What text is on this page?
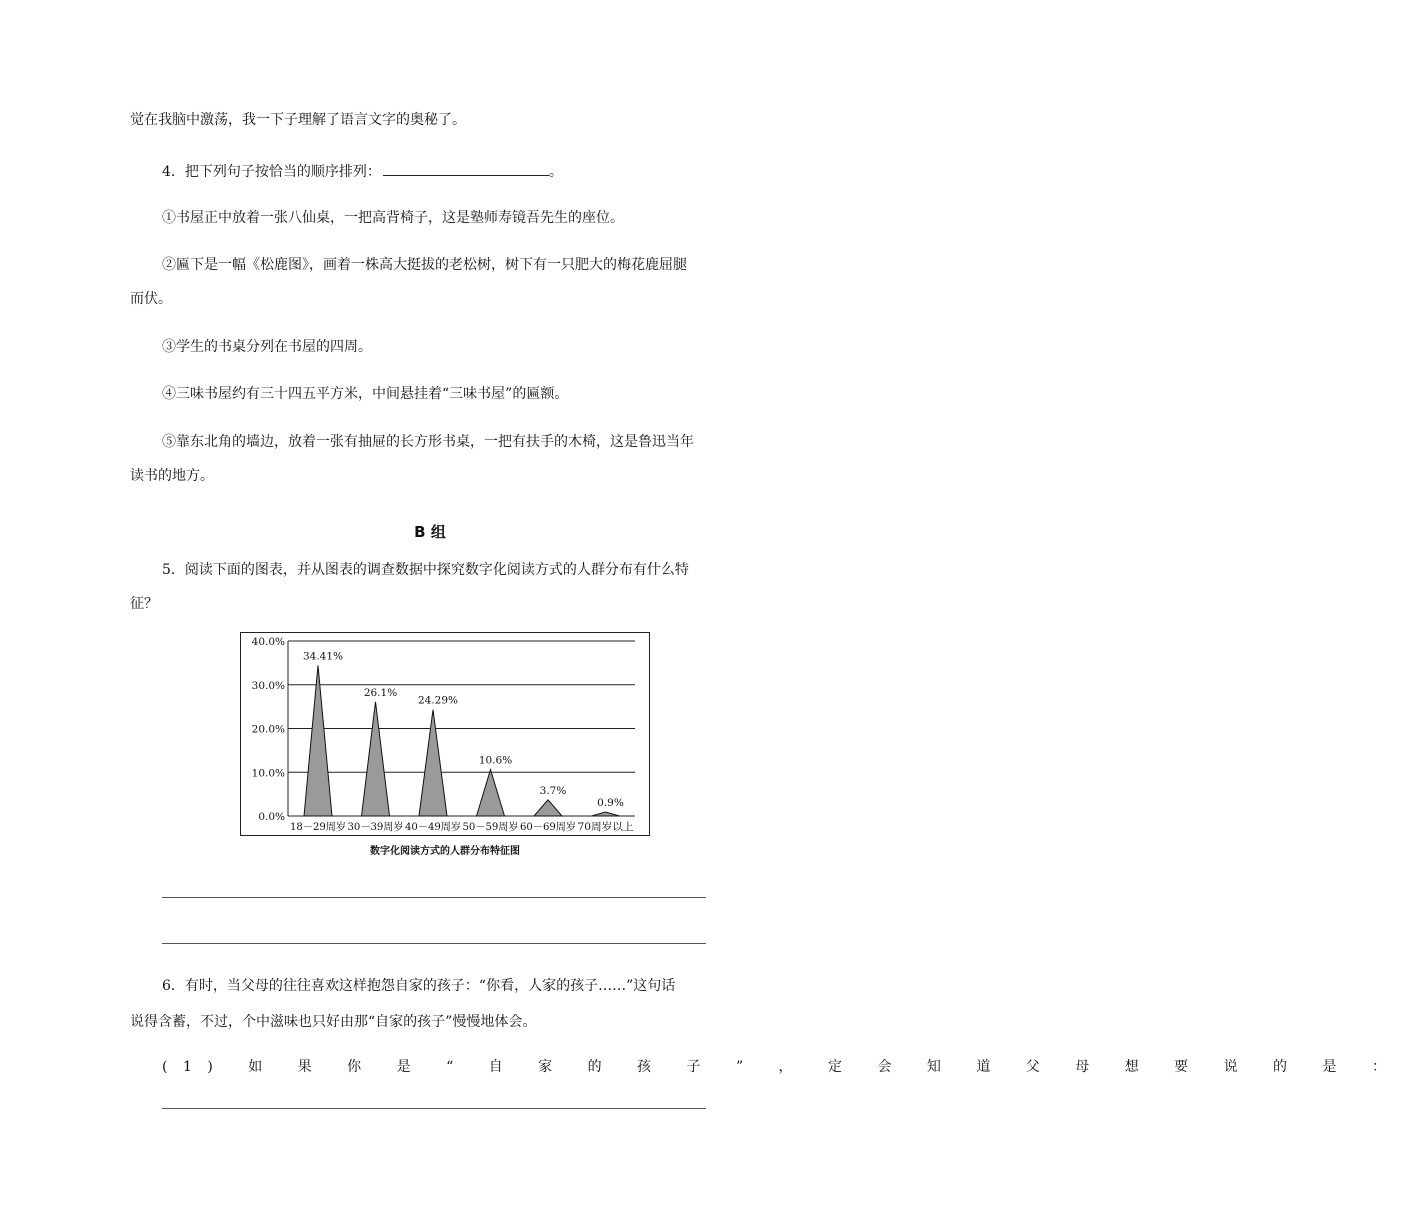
觉在我脑中激荡，我一下子理解了语言文字的奥秘了。
4．把下列句子按恰当的顺序排列：	。
①书屋正中放着一张八仙桌，一把高背椅子，这是塾师寿镜吾先生的座位。
②匾下是一幅《松鹿图》，画着一株高大挺拔的老松树，树下有一只肥大的梅花鹿屈腿
而伏。
③学生的书桌分列在书屋的四周。
④三味书屋约有三十四五平方米，中间悬挂着“三味书屋”的匾额。
⑤靠东北角的墙边，放着一张有抽屉的长方形书桌，一把有扶手的木椅，这是鲁迅当年
读书的地方。
B 组
5．阅读下面的图表，并从图表的调查数据中探究数字化阅读方式的人群分布有什么特
征？
34.41%
26.1%
24.29%
10.6%
3.7%
0.9%
40.0%
30.0%
20.0%
10.0%
0.0%
18－29周岁 30－39周岁 40－49周岁 50－59周岁 60－69周岁 70周岁以上
数字化阅读方式的人群分布特征图
6．有时，当父母的往往喜欢这样抱怨自家的孩子：“你看，人家的孩子……”这句话
说得含蓄，不过，个中滋味也只好由那“自家的孩子”慢慢地体会。
(1) 如 果 你 是 “ 自 家 的 孩 子 ” ， 定 会 知 道 父 母 想 要 说 的 是 ：
